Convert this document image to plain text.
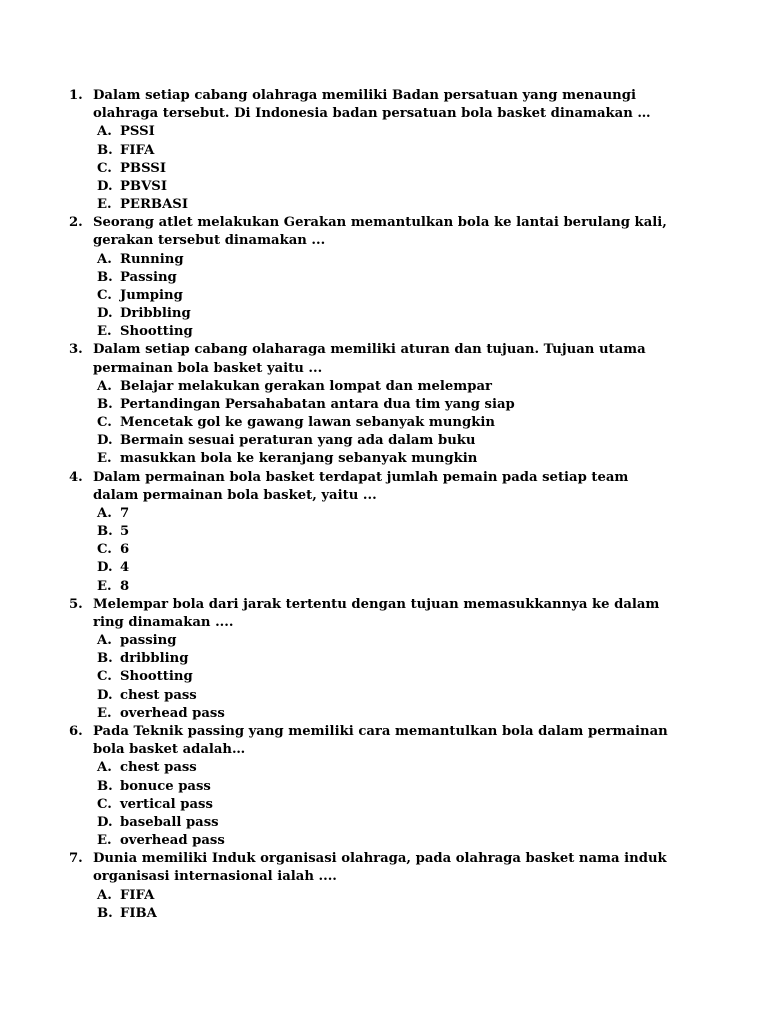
1. Dalam setiap cabang olahraga memiliki Badan persatuan yang menaungi olahraga tersebut. Di Indonesia badan persatuan bola basket dinamakan …
A. PSSI
B. FIFA
C. PBSSI
D. PBVSI
E. PERBASI
2. Seorang atlet melakukan Gerakan memantulkan bola ke lantai berulang kali, gerakan tersebut dinamakan ...
A. Running
B. Passing
C. Jumping
D. Dribbling
E. Shootting
3. Dalam setiap cabang olaharaga memiliki aturan dan tujuan. Tujuan utama permainan bola basket yaitu ...
A. Belajar melakukan gerakan lompat dan melempar
B. Pertandingan Persahabatan antara dua tim yang siap
C. Mencetak gol ke gawang lawan sebanyak mungkin
D. Bermain sesuai peraturan yang ada dalam buku
E. masukkan bola ke keranjang sebanyak mungkin
4. Dalam permainan bola basket terdapat jumlah pemain pada setiap team dalam permainan bola basket, yaitu ...
A. 7
B. 5
C. 6
D. 4
E. 8
5. Melempar bola dari jarak tertentu dengan tujuan memasukkannya ke dalam ring dinamakan ....
A. passing
B. dribbling
C. Shootting
D. chest pass
E. overhead pass
6. Pada Teknik passing yang memiliki cara memantulkan bola dalam permainan bola basket adalah…
A. chest pass
B. bonuce pass
C. vertical pass
D. baseball pass
E. overhead pass
7. Dunia memiliki Induk organisasi olahraga, pada olahraga basket nama induk organisasi internasional ialah ....
A. FIFA
B. FIBA
